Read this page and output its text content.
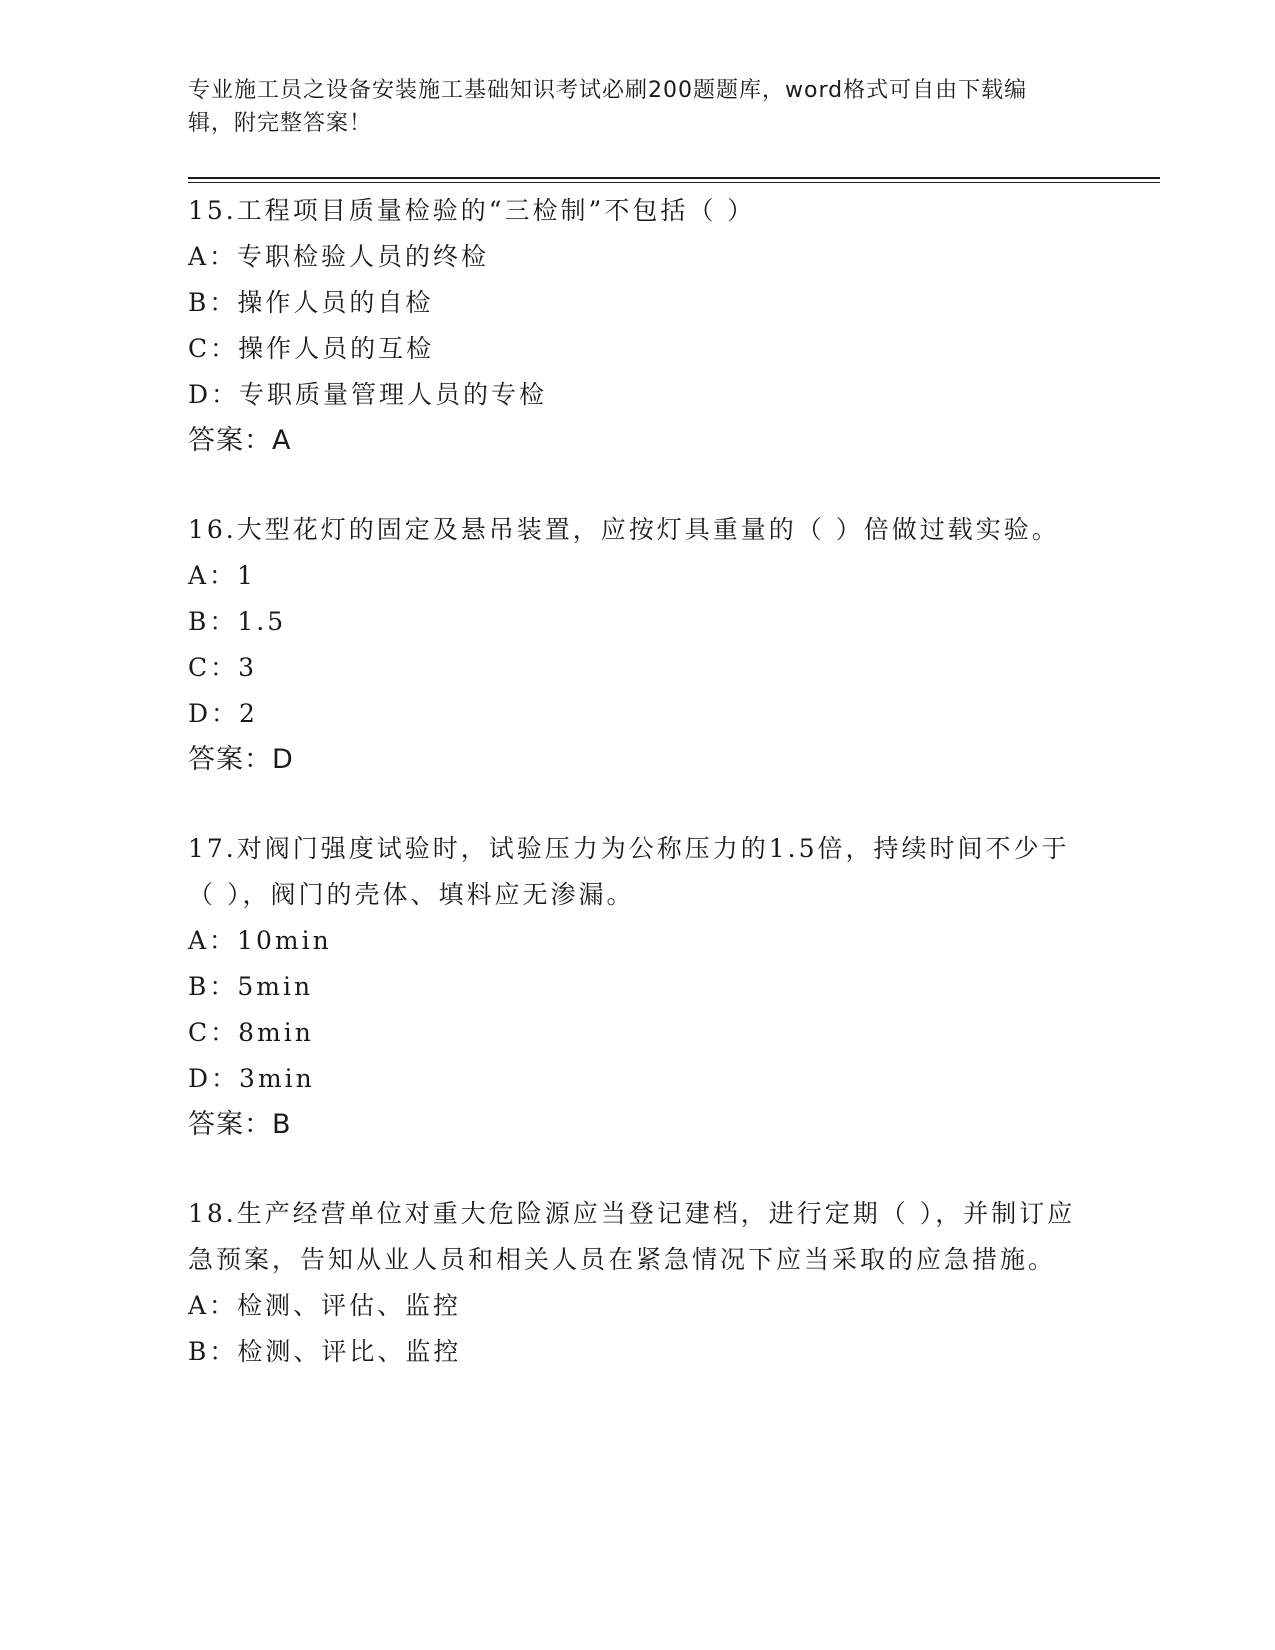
专业施工员之设备安装施工基础知识考试必刷200题题库，word格式可自由下载编辑，附完整答案！

15.工程项目质量检验的“三检制”不包括（ ）

A：专职检验人员的终检
B：操作人员的自检
C：操作人员的互检
D：专职质量管理人员的专检
答案：A

16.大型花灯的固定及悬吊装置，应按灯具重量的（ ）倍做过载实验。

A：1
B：1.5
C：3
D：2
答案：D

17.对阀门强度试验时，试验压力为公称压力的1.5倍，持续时间不少于（ ），阀门的壳体、填料应无渗漏。

A：10min
B：5min
C：8min
D：3min
答案：B

18.生产经营单位对重大危险源应当登记建档，进行定期（ ），并制订应急预案，告知从业人员和相关人员在紧急情况下应当采取的应急措施。

A：检测、评估、监控
B：检测、评比、监控
